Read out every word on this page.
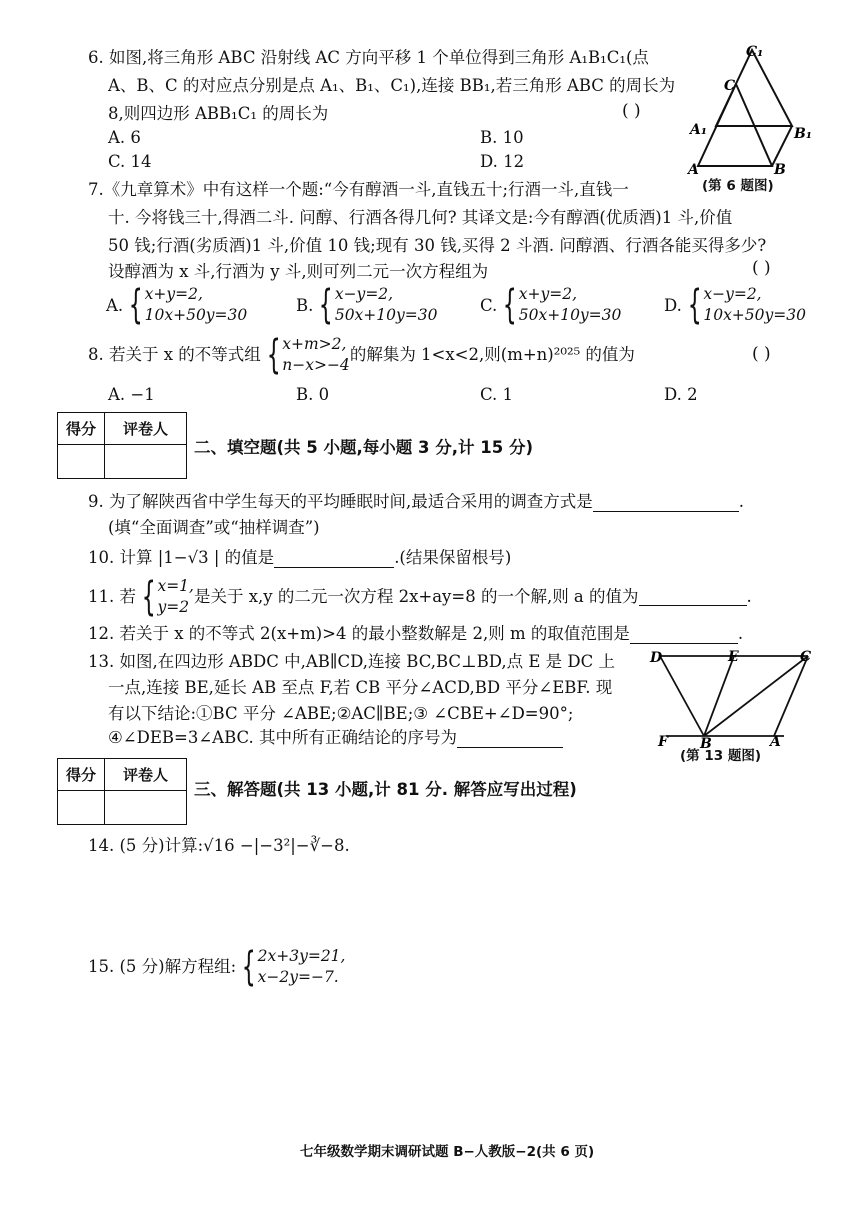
6. 如图,将三角形 ABC 沿射线 AC 方向平移 1 个单位得到三角形 A₁B₁C₁(点
A、B、C 的对应点分别是点 A₁、B₁、C₁),连接 BB₁,若三角形 ABC 的周长为
8,则四边形 ABB₁C₁ 的周长为	( )
A. 6	B. 10
C. 14	D. 12
C₁
C
A₁	B₁
A	B
(第 6 题图)
7.《九章算术》中有这样一个题:“今有醇酒一斗,直钱五十;行酒一斗,直钱一
十. 今将钱三十,得酒二斗. 问醇、行酒各得几何? 其译文是:今有醇酒(优质酒)1 斗,价值
50 钱;行酒(劣质酒)1 斗,价值 10 钱;现有 30 钱,买得 2 斗酒. 问醇酒、行酒各能买得多少?
设醇酒为 x 斗,行酒为 y 斗,则可列二元一次方程组为	( )
A. { x+y=2,
10x+50y=30
B. { x−y=2,
50x+10y=30
C. { x+y=2,
50x+10y=30
D. { x−y=2,
10x+50y=30
8. 若关于 x 的不等式组 { x+m>2,
n−x>−4
的解集为 1<x<2,则(m+n)²⁰²⁵ 的值为	( )
A. −1	B. 0	C. 1	D. 2
得分	评卷人

二、填空题(共 5 小题,每小题 3 分,计 15 分)
9. 为了解陕西省中学生每天的平均睡眠时间,最适合采用的调查方式是	.
(填“全面调查”或“抽样调查”)
10. 计算 |1−√3 | 的值是	.(结果保留根号)
11. 若 { x=1,
y=2
是关于 x,y 的二元一次方程 2x+ay=8 的一个解,则 a 的值为	.
12. 若关于 x 的不等式 2(x+m)>4 的最小整数解是 2,则 m 的取值范围是	.
13. 如图,在四边形 ABDC 中,AB∥CD,连接 BC,BC⊥BD,点 E 是 DC 上
一点,连接 BE,延长 AB 至点 F,若 CB 平分∠ACD,BD 平分∠EBF. 现
有以下结论:①BC 平分 ∠ABE;②AC∥BE;③ ∠CBE+∠D=90°;
④∠DEB=3∠ABC. 其中所有正确结论的序号为
D	E	C
F B	A
(第 13 题图)
得分	评卷人

三、解答题(共 13 小题,计 81 分. 解答应写出过程)
14. (5 分)计算:√16 −|−3²|−∛−8.
15. (5 分)解方程组: { 2x+3y=21,
x−2y=−7.
七年级数学期末调研试题 B−人教版−2(共 6 页)
